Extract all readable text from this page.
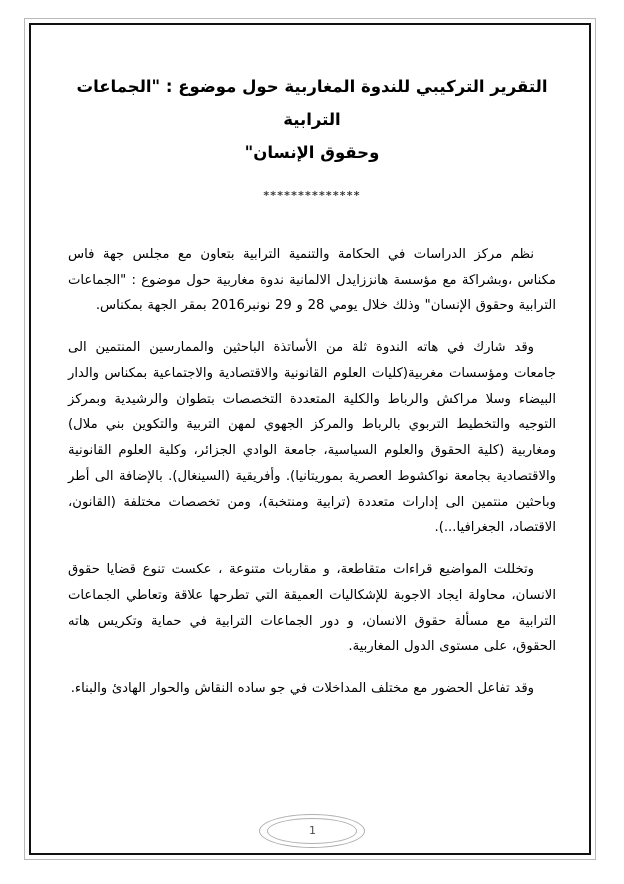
التقرير التركيبي للندوة المغاربية حول موضوع : "الجماعات الترابية
وحقوق الإنسان"
**************

نظم مركز الدراسات في الحكامة والتنمية الترابية بتعاون مع مجلس جهة فاس مكناس ،وبشراكة مع مؤسسة هانززايدل الالمانية ندوة مغاربية حول موضوع : "الجماعات الترابية وحقوق الإنسان" وذلك خلال يومي 28 و 29 نونبر2016 بمقر الجهة بمكناس.

وقد شارك في هاته الندوة ثلة من الأساتذة الباحثين والممارسين المنتمين الى جامعات ومؤسسات مغربية(كليات العلوم القانونية والاقتصادية والاجتماعية بمكناس والدار البيضاء وسلا مراكش والرباط والكلية المتعددة التخصصات بتطوان والرشيدية وبمركز التوجيه والتخطيط التربوي بالرباط والمركز الجهوي لمهن التربية والتكوين بني ملال) ومغاربية (كلية الحقوق والعلوم السياسية، جامعة الوادي الجزائر، وكلية العلوم القانونية والاقتصادية بجامعة نواكشوط العصرية بموريتانيا). وأفريقية (السينغال). بالإضافة الى أطر وباحثين منتمين الى إدارات متعددة (ترابية ومنتخبة)، ومن تخصصات مختلفة (القانون، الاقتصاد، الجغرافيا...).

وتخللت المواضيع قراءات متقاطعة، و مقاربات متنوعة ، عكست تنوع قضايا حقوق الانسان، محاولة ايجاد الاجوبة للإشكاليات العميقة التي تطرحها علاقة وتعاطي الجماعات الترابية مع مسألة حقوق الانسان، و دور الجماعات الترابية في حماية وتكريس هاته الحقوق، على مستوى الدول المغاربية.

وقد تفاعل الحضور مع مختلف المداخلات في جو ساده النقاش والحوار الهادئ والبناء.

1
